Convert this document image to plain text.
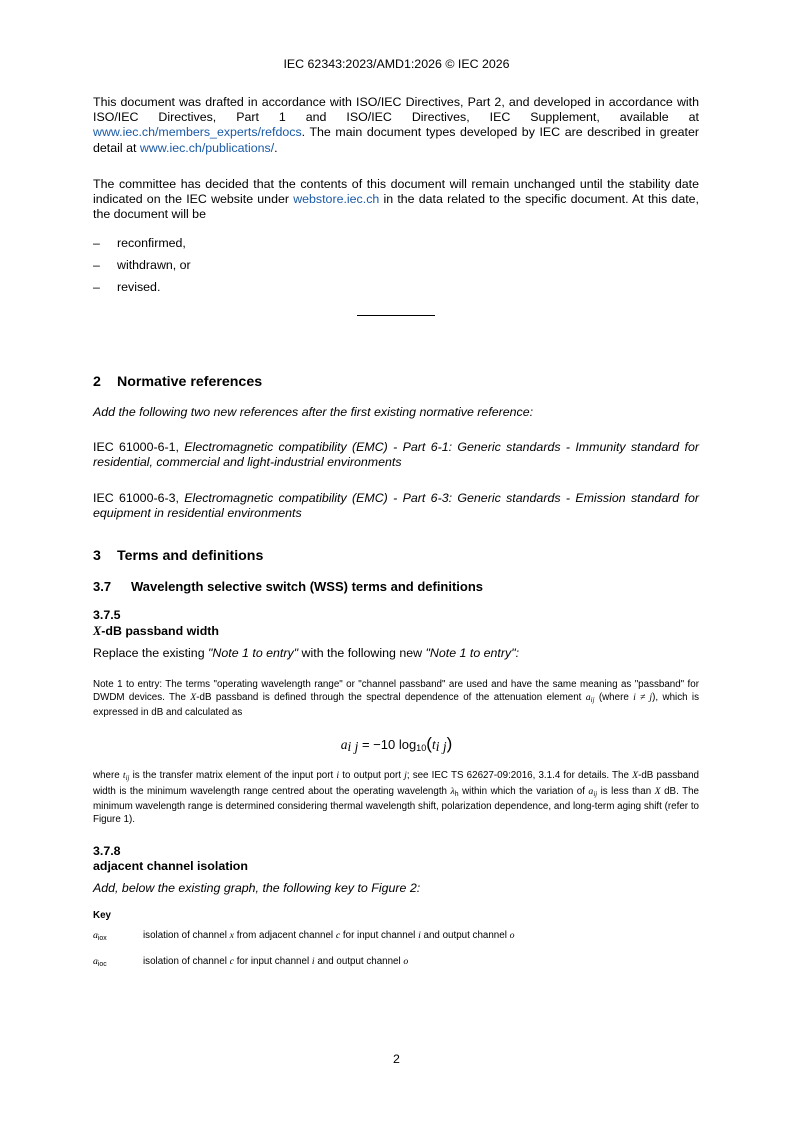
IEC 62343:2023/AMD1:2026 © IEC 2026
This document was drafted in accordance with ISO/IEC Directives, Part 2, and developed in accordance with ISO/IEC Directives, Part 1 and ISO/IEC Directives, IEC Supplement, available at www.iec.ch/members_experts/refdocs. The main document types developed by IEC are described in greater detail at www.iec.ch/publications/.
The committee has decided that the contents of this document will remain unchanged until the stability date indicated on the IEC website under webstore.iec.ch in the data related to the specific document. At this date, the document will be
– reconfirmed,
– withdrawn, or
– revised.
2 Normative references
Add the following two new references after the first existing normative reference:
IEC 61000-6-1, Electromagnetic compatibility (EMC) - Part 6-1: Generic standards - Immunity standard for residential, commercial and light-industrial environments
IEC 61000-6-3, Electromagnetic compatibility (EMC) - Part 6-3: Generic standards - Emission standard for equipment in residential environments
3 Terms and definitions
3.7 Wavelength selective switch (WSS) terms and definitions
3.7.5
X-dB passband width
Replace the existing "Note 1 to entry" with the following new "Note 1 to entry":
Note 1 to entry: The terms "operating wavelength range" or "channel passband" are used and have the same meaning as "passband" for DWDM devices. The X-dB passband is defined through the spectral dependence of the attenuation element $a_{ij}$ (where i ≠ j), which is expressed in dB and calculated as
$a_{i j} = -10$ $\log_{10}(t_{i j})$
where $t_{ij}$ is the transfer matrix element of the input port i to output port j; see IEC TS 62627-09:2016, 3.1.4 for details. The X-dB passband width is the minimum wavelength range centred about the operating wavelength $\lambda_h$ within which the variation of $a_{ij}$ is less than X dB. The minimum wavelength range is determined considering thermal wavelength shift, polarization dependence, and long-term aging shift (refer to Figure 1).
3.7.8
adjacent channel isolation
Add, below the existing graph, the following key to Figure 2:
Key
$a_{iox}$	isolation of channel x from adjacent channel c for input channel i and output channel o
$a_{ioc}$	isolation of channel c for input channel i and output channel o
2
